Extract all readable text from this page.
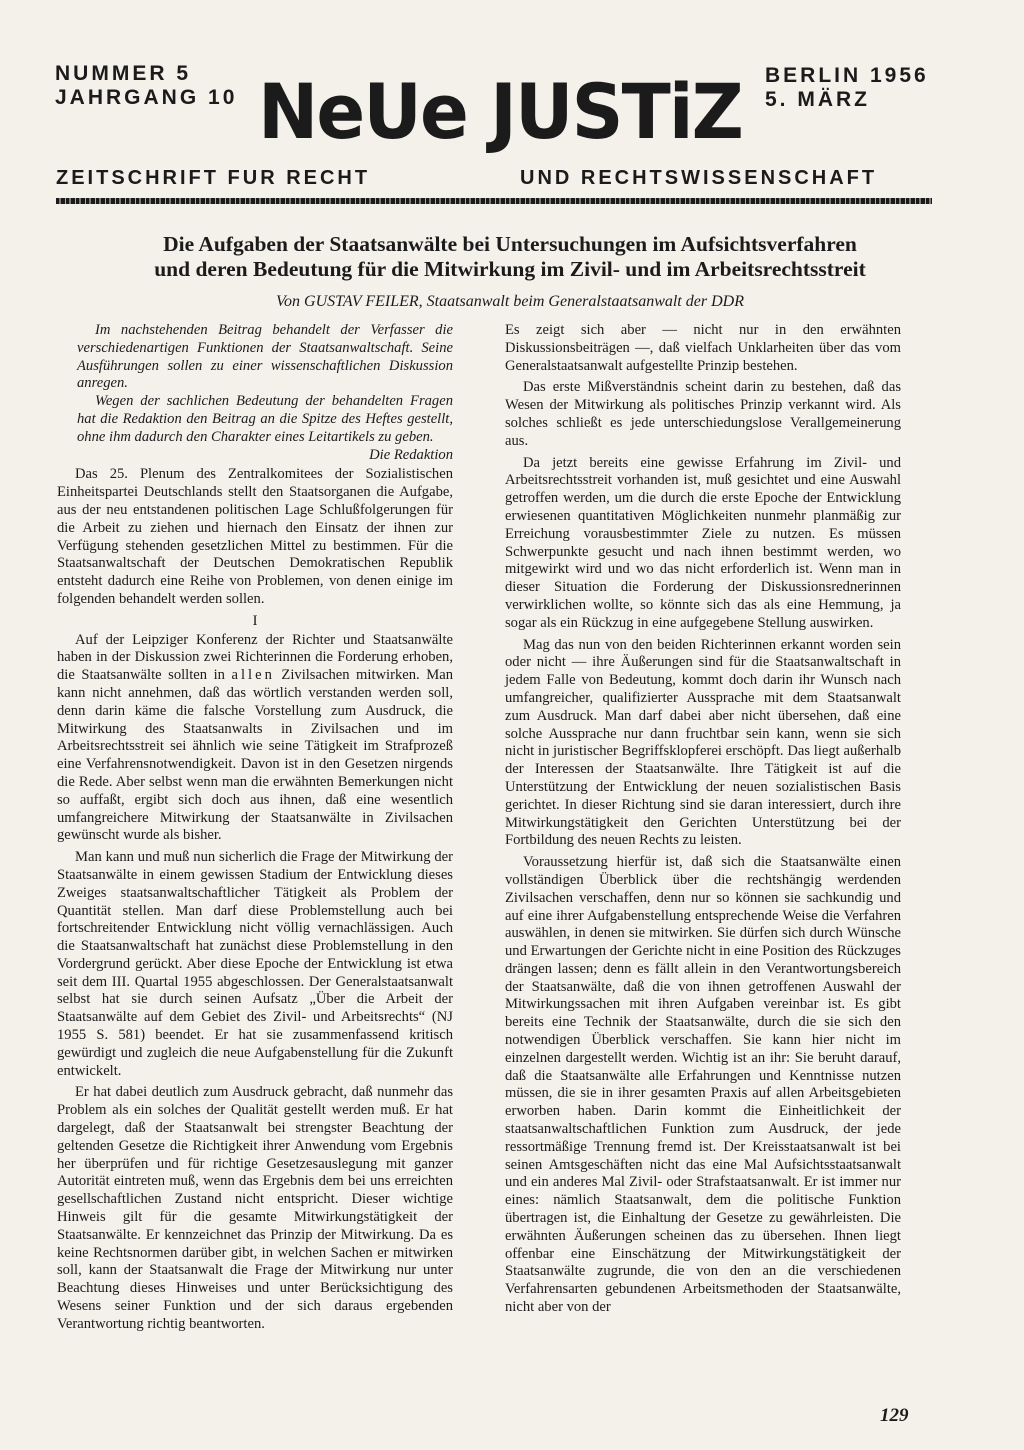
NUMMER 5
JAHRGANG 10 NeUe JUSTiZ BERLIN 1956
5. MÄRZ
ZEITSCHRIFT FUR RECHT	UND RECHTSWISSENSCHAFT
Die Aufgaben der Staatsanwälte bei Untersuchungen im Aufsichtsverfahren
und deren Bedeutung für die Mitwirkung im Zivil- und im Arbeitsrechtsstreit
Von GUSTAV FEILER, Staatsanwalt beim Generalstaatsanwalt der DDR

Im nachstehenden Beitrag behandelt der Verfasser die verschiedenartigen Funktionen der Staatsanwaltschaft. Seine Ausführungen sollen zu einer wissenschaftlichen Diskussion anregen.

Wegen der sachlichen Bedeutung der behandelten Fragen hat die Redaktion den Beitrag an die Spitze des Heftes gestellt, ohne ihm dadurch den Charakter eines Leitartikels zu geben.

Die Redaktion

Das 25. Plenum des Zentralkomitees der Sozialistischen Einheitspartei Deutschlands stellt den Staatsorganen die Aufgabe, aus der neu entstandenen politischen Lage Schlußfolgerungen für die Arbeit zu ziehen und hiernach den Einsatz der ihnen zur Verfügung stehenden gesetzlichen Mittel zu bestimmen. Für die Staatsanwaltschaft der Deutschen Demokratischen Republik entsteht dadurch eine Reihe von Problemen, von denen einige im folgenden behandelt werden sollen.

I

Auf der Leipziger Konferenz der Richter und Staatsanwälte haben in der Diskussion zwei Richterinnen die Forderung erhoben, die Staatsanwälte sollten in allen Zivilsachen mitwirken. Man kann nicht annehmen, daß das wörtlich verstanden werden soll, denn darin käme die falsche Vorstellung zum Ausdruck, die Mitwirkung des Staatsanwalts in Zivilsachen und im Arbeitsrechtsstreit sei ähnlich wie seine Tätigkeit im Strafprozeß eine Verfahrensnotwendigkeit. Davon ist in den Gesetzen nirgends die Rede. Aber selbst wenn man die erwähnten Bemerkungen nicht so auffaßt, ergibt sich doch aus ihnen, daß eine wesentlich umfangreichere Mitwirkung der Staatsanwälte in Zivilsachen gewünscht wurde als bisher.

Man kann und muß nun sicherlich die Frage der Mitwirkung der Staatsanwälte in einem gewissen Stadium der Entwicklung dieses Zweiges staatsanwaltschaftlicher Tätigkeit als Problem der Quantität stellen. Man darf diese Problemstellung auch bei fortschreitender Entwicklung nicht völlig vernachlässigen. Auch die Staatsanwaltschaft hat zunächst diese Problemstellung in den Vordergrund gerückt. Aber diese Epoche der Entwicklung ist etwa seit dem III. Quartal 1955 abgeschlossen. Der Generalstaatsanwalt selbst hat sie durch seinen Aufsatz „Über die Arbeit der Staatsanwälte auf dem Gebiet des Zivil- und Arbeitsrechts“ (NJ 1955 S. 581) beendet. Er hat sie zusammenfassend kritisch gewürdigt und zugleich die neue Aufgabenstellung für die Zukunft entwickelt.

Er hat dabei deutlich zum Ausdruck gebracht, daß nunmehr das Problem als ein solches der Qualität gestellt werden muß. Er hat dargelegt, daß der Staatsanwalt bei strengster Beachtung der geltenden Gesetze die Richtigkeit ihrer Anwendung vom Ergebnis her überprüfen und für richtige Gesetzesauslegung mit ganzer Autorität eintreten muß, wenn das Ergebnis dem bei uns erreichten gesellschaftlichen Zustand nicht entspricht. Dieser wichtige Hinweis gilt für die gesamte Mitwirkungstätigkeit der Staatsanwälte. Er kennzeichnet das Prinzip der Mitwirkung. Da es keine Rechtsnormen darüber gibt, in welchen Sachen er mitwirken soll, kann der Staatsanwalt die Frage der Mitwirkung nur unter Beachtung dieses Hinweises und unter Berücksichtigung des Wesens seiner Funktion und der sich daraus ergebenden Verantwortung richtig beantworten.

Es zeigt sich aber — nicht nur in den erwähnten Diskussionsbeiträgen —, daß vielfach Unklarheiten über das vom Generalstaatsanwalt aufgestellte Prinzip bestehen.

Das erste Mißverständnis scheint darin zu bestehen, daß das Wesen der Mitwirkung als politisches Prinzip verkannt wird. Als solches schließt es jede unterschiedungslose Verallgemeinerung aus.

Da jetzt bereits eine gewisse Erfahrung im Zivil- und Arbeitsrechtsstreit vorhanden ist, muß gesichtet und eine Auswahl getroffen werden, um die durch die erste Epoche der Entwicklung erwiesenen quantitativen Möglichkeiten nunmehr planmäßig zur Erreichung vorausbestimmter Ziele zu nutzen. Es müssen Schwerpunkte gesucht und nach ihnen bestimmt werden, wo mitgewirkt wird und wo das nicht erforderlich ist. Wenn man in dieser Situation die Forderung der Diskussionsrednerinnen verwirklichen wollte, so könnte sich das als eine Hemmung, ja sogar als ein Rückzug in eine aufgegebene Stellung auswirken.

Mag das nun von den beiden Richterinnen erkannt worden sein oder nicht — ihre Äußerungen sind für die Staatsanwaltschaft in jedem Falle von Bedeutung, kommt doch darin ihr Wunsch nach umfangreicher, qualifizierter Aussprache mit dem Staatsanwalt zum Ausdruck. Man darf dabei aber nicht übersehen, daß eine solche Aussprache nur dann fruchtbar sein kann, wenn sie sich nicht in juristischer Begriffsklopferei erschöpft. Das liegt außerhalb der Interessen der Staatsanwälte. Ihre Tätigkeit ist auf die Unterstützung der Entwicklung der neuen sozialistischen Basis gerichtet. In dieser Richtung sind sie daran interessiert, durch ihre Mitwirkungstätigkeit den Gerichten Unterstützung bei der Fortbildung des neuen Rechts zu leisten.

Voraussetzung hierfür ist, daß sich die Staatsanwälte einen vollständigen Überblick über die rechtshängig werdenden Zivilsachen verschaffen, denn nur so können sie sachkundig und auf eine ihrer Aufgabenstellung entsprechende Weise die Verfahren auswählen, in denen sie mitwirken. Sie dürfen sich durch Wünsche und Erwartungen der Gerichte nicht in eine Position des Rückzuges drängen lassen; denn es fällt allein in den Verantwortungsbereich der Staatsanwälte, daß die von ihnen getroffenen Auswahl der Mitwirkungssachen mit ihren Aufgaben vereinbar ist. Es gibt bereits eine Technik der Staatsanwälte, durch die sie sich den notwendigen Überblick verschaffen. Sie kann hier nicht im einzelnen dargestellt werden. Wichtig ist an ihr: Sie beruht darauf, daß die Staatsanwälte alle Erfahrungen und Kenntnisse nutzen müssen, die sie in ihrer gesamten Praxis auf allen Arbeitsgebieten erworben haben. Darin kommt die Einheitlichkeit der staatsanwaltschaftlichen Funktion zum Ausdruck, der jede ressortmäßige Trennung fremd ist. Der Kreisstaatsanwalt ist bei seinen Amtsgeschäften nicht das eine Mal Aufsichtsstaatsanwalt und ein anderes Mal Zivil- oder Strafstaatsanwalt. Er ist immer nur eines: nämlich Staatsanwalt, dem die politische Funktion übertragen ist, die Einhaltung der Gesetze zu gewährleisten. Die erwähnten Äußerungen scheinen das zu übersehen. Ihnen liegt offenbar eine Einschätzung der Mitwirkungstätigkeit der Staatsanwälte zugrunde, die von den an die verschiedenen Verfahrensarten gebundenen Arbeitsmethoden der Staatsanwälte, nicht aber von der

129
